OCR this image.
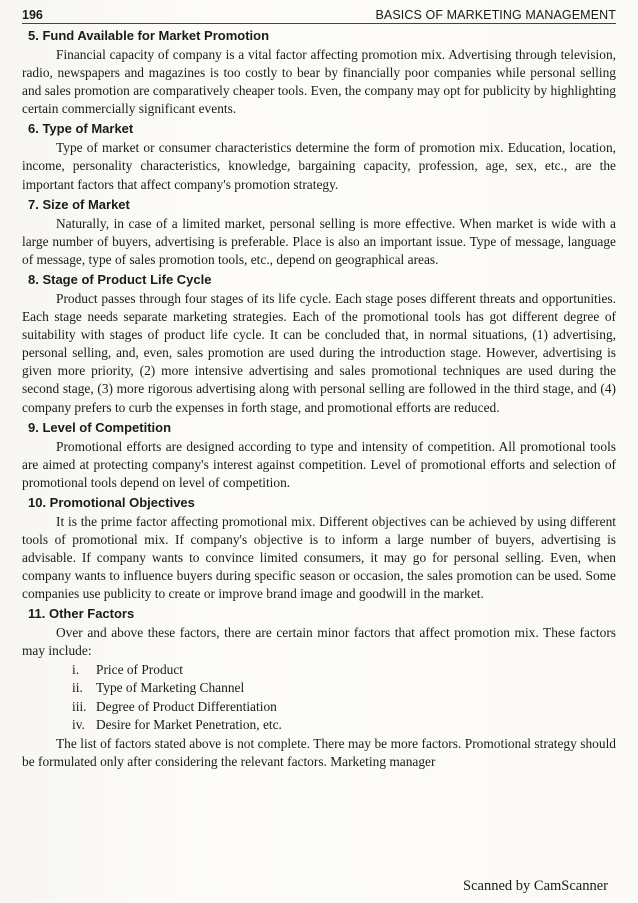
196	BASICS OF MARKETING MANAGEMENT
5. Fund Available for Market Promotion

Financial capacity of company is a vital factor affecting promotion mix. Advertising through television, radio, newspapers and magazines is too costly to bear by financially poor companies while personal selling and sales promotion are comparatively cheaper tools. Even, the company may opt for publicity by highlighting certain commercially significant events.

6. Type of Market

Type of market or consumer characteristics determine the form of promotion mix. Education, location, income, personality characteristics, knowledge, bargaining capacity, profession, age, sex, etc., are the important factors that affect company's promotion strategy.

7. Size of Market

Naturally, in case of a limited market, personal selling is more effective. When market is wide with a large number of buyers, advertising is preferable. Place is also an important issue. Type of message, language of message, type of sales promotion tools, etc., depend on geographical areas.

8. Stage of Product Life Cycle

Product passes through four stages of its life cycle. Each stage poses different threats and opportunities. Each stage needs separate marketing strategies. Each of the promotional tools has got different degree of suitability with stages of product life cycle. It can be concluded that, in normal situations, (1) advertising, personal selling, and, even, sales promotion are used during the introduction stage. However, advertising is given more priority, (2) more intensive advertising and sales promotional techniques are used during the second stage, (3) more rigorous advertising along with personal selling are followed in the third stage, and (4) company prefers to curb the expenses in forth stage, and promotional efforts are reduced.

9. Level of Competition

Promotional efforts are designed according to type and intensity of competition. All promotional tools are aimed at protecting company's interest against competition. Level of promotional efforts and selection of promotional tools depend on level of competition.

10. Promotional Objectives

It is the prime factor affecting promotional mix. Different objectives can be achieved by using different tools of promotional mix. If company's objective is to inform a large number of buyers, advertising is advisable. If company wants to convince limited consumers, it may go for personal selling. Even, when company wants to influence buyers during specific season or occasion, the sales promotion can be used. Some companies use publicity to create or improve brand image and goodwill in the market.

11. Other Factors

Over and above these factors, there are certain minor factors that affect promotion mix. These factors may include:

i.	Price of Product
ii. Type of Marketing Channel
iii. Degree of Product Differentiation
iv. Desire for Market Penetration, etc.

The list of factors stated above is not complete. There may be more factors. Promotional strategy should be formulated only after considering the relevant factors. Marketing manager

Scanned by CamScanner
